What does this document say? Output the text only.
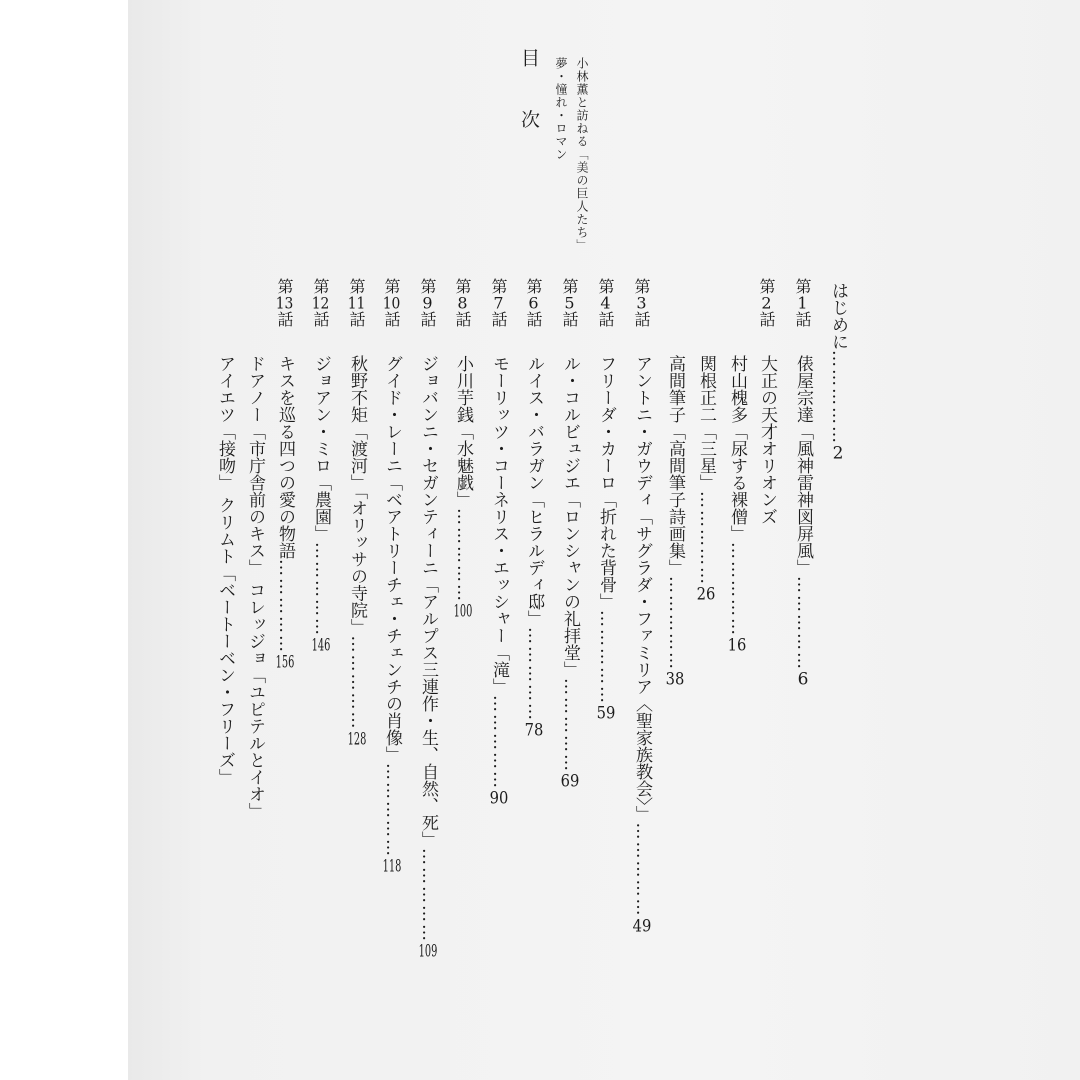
目 次	小林薫と訪ねる「美の巨人たち」
夢・憧れ・ロマン
第1話
第2話
第3話
第4話
第5話
第6話
第7話
第8話
第9話
第10話
第11話
第12話
第13話	はじめに……………2
俵屋宗達「風神雷神図屏風」……………6
大正の天才オリオンズ
村山槐多「尿する裸僧」……………16
関根正二「三星」……………26
高間筆子「高間筆子詩画集」……………38
アントニ・ガウディ「サグラダ・ファミリア〈聖家族教会〉」……………49
フリーダ・カーロ「折れた背骨」……………59
ル・コルビュジエ「ロンシャンの礼拝堂」……………69
ルイス・バラガン「ヒラルディ邸」……………78
モーリッツ・コーネリス・エッシャー「滝」……………90
小川芋銭「水魅戯」……………100
ジョバンニ・セガンティーニ「アルプス三連作・生、自然、死」……………109
グイド・レーニ「ベアトリーチェ・チェンチの肖像」……………118
秋野不矩「渡河」「オリッサの寺院」……………128
ジョアン・ミロ「農園」……………146
キスを巡る四つの愛の物語……………156
ドアノー「市庁舎前のキス」 コレッジョ「ユピテルとイオ」
アイエツ「接吻」 クリムト「ベートーベン・フリーズ」
